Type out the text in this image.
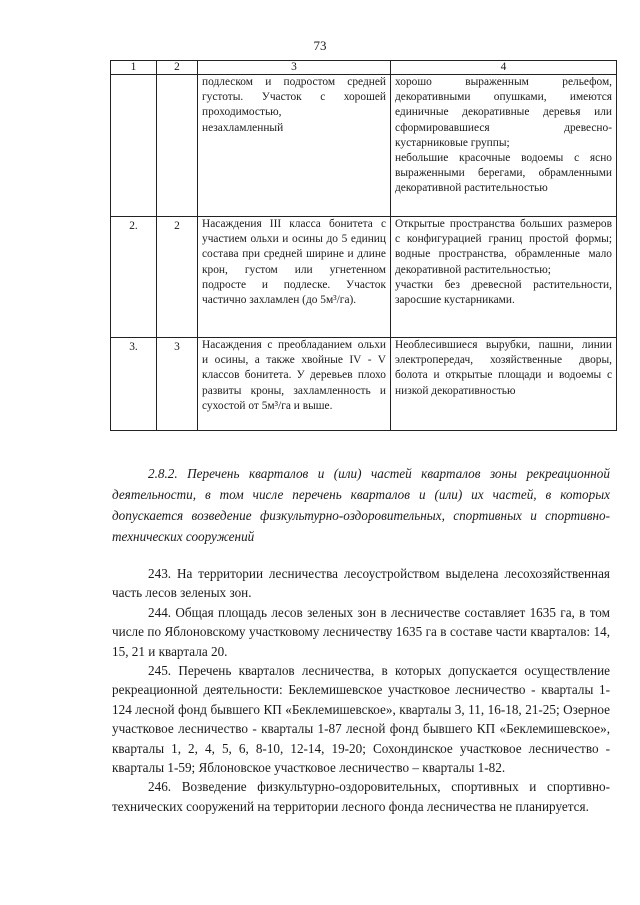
73
1	2	3	4

		подлеском и подростом средней густоты. Участок с хорошей проходимостью,
незахламленный	хорошо выраженным рельефом, декоративными опушками, имеются единичные декоративные деревья или сформировавшиеся древесно-кустарниковые группы;
небольшие красочные водоемы с ясно выраженными берегами, обрамленными декоративной растительностью

2.	2	Насаждения III класса бонитета с участием ольхи и осины до 5 единиц состава при средней ширине и длине крон, густом или угнетенном подросте и подлеске. Участок частично захламлен (до 5м³/га).	Открытые пространства больших размеров с конфигурацией границ простой формы; водные пространства, обрамленные мало декоративной растительностью;
участки без древесной растительности, заросшие кустарниками.

3.	3	Насаждения с преобладанием ольхи и осины, а также хвойные IV - V классов бонитета. У деревьев плохо развиты кроны, захламленность и сухостой от 5м³/га и выше.	Необлесившиеся вырубки, пашни, линии электропередач, хозяйственные дворы, болота и открытые площади и водоемы с низкой декоративностью
2.8.2. Перечень кварталов и (или) частей кварталов зоны рекреационной деятельности, в том числе перечень кварталов и (или) их частей, в которых допускается возведение физкультурно-оздоровительных, спортивных и спортивно-технических сооружений

243. На территории лесничества лесоустройством выделена лесохозяйственная часть лесов зеленых зон.

244. Общая площадь лесов зеленых зон в лесничестве составляет 1635 га, в том числе по Яблоновскому участковому лесничеству 1635 га в составе части кварталов: 14, 15, 21 и квартала 20.

245. Перечень кварталов лесничества, в которых допускается осуществление рекреационной деятельности: Беклемишевское участковое лесничество - кварталы 1-124 лесной фонд бывшего КП «Беклемишевское», кварталы 3, 11, 16-18, 21-25; Озерное участковое лесничество - кварталы 1-87 лесной фонд бывшего КП «Беклемишевское», кварталы 1, 2, 4, 5, 6, 8-10, 12-14, 19-20; Сохондинское участковое лесничество - кварталы 1-59; Яблоновское участковое лесничество – кварталы 1-82.

246. Возведение физкультурно-оздоровительных, спортивных и спортивно-технических сооружений на территории лесного фонда лесничества не планируется.
